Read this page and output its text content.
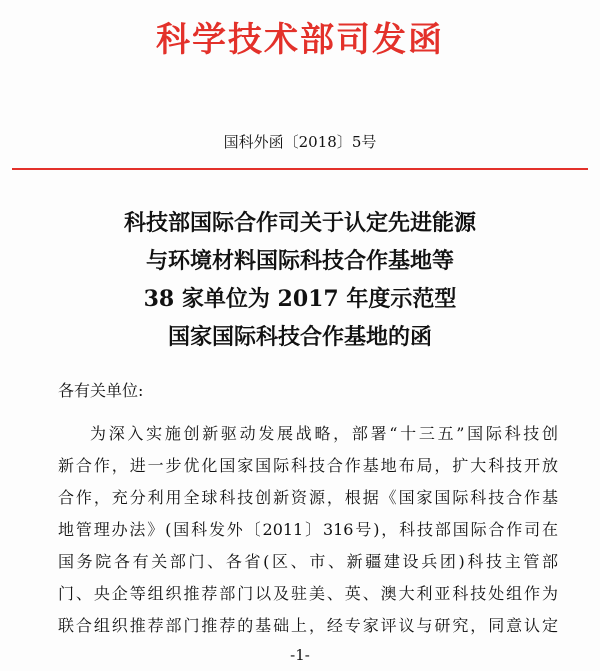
科学技术部司发函
国科外函〔2018〕5号
科技部国际合作司关于认定先进能源
与环境材料国际科技合作基地等
38 家单位为 2017 年度示范型
国家国际科技合作基地的函
各有关单位:
为深入实施创新驱动发展战略，部署“十三五”国际科技创
新合作，进一步优化国家国际科技合作基地布局，扩大科技开放
合作，充分利用全球科技创新资源，根据《国家国际科技合作基
地管理办法》(国科发外〔2011〕316号)，科技部国际合作司在
国务院各有关部门、各省(区、市、新疆建设兵团)科技主管部
门、央企等组织推荐部门以及驻美、英、澳大利亚科技处组作为
联合组织推荐部门推荐的基础上，经专家评议与研究，同意认定
-1-
